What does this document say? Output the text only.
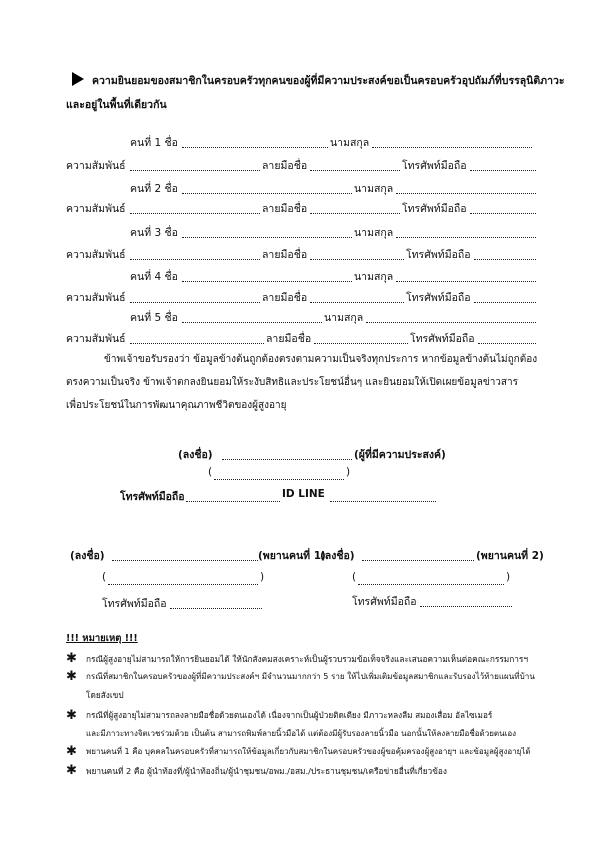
ความยินยอมของสมาชิกในครอบครัวทุกคนของผู้ที่มีความประสงค์ขอเป็นครอบครัวอุปถัมภ์ที่บรรลุนิติภาวะ
และอยู่ในพื้นที่เดียวกัน
คนที่ 1 ชื่อ	นามสกุล
ความสัมพันธ์	ลายมือชื่อ	โทรศัพท์มือถือ
คนที่ 2 ชื่อ	นามสกุล
ความสัมพันธ์	ลายมือชื่อ	โทรศัพท์มือถือ
คนที่ 3 ชื่อ	นามสกุล
ความสัมพันธ์	ลายมือชื่อ	โทรศัพท์มือถือ
คนที่ 4 ชื่อ	นามสกุล
ความสัมพันธ์	ลายมือชื่อ	โทรศัพท์มือถือ
คนที่ 5 ชื่อ	นามสกุล
ความสัมพันธ์	ลายมือชื่อ	โทรศัพท์มือถือ
ข้าพเจ้าขอรับรองว่า ข้อมูลข้างต้นถูกต้องตรงตามความเป็นจริงทุกประการ หากข้อมูลข้างต้นไม่ถูกต้อง
ตรงความเป็นจริง ข้าพเจ้าตกลงยินยอมให้ระงับสิทธิและประโยชน์อื่นๆ และยินยอมให้เปิดเผยข้อมูลข่าวสาร
เพื่อประโยชน์ในการพัฒนาคุณภาพชีวิตของผู้สูงอายุ
(ลงชื่อ)	(ผู้ที่มีความประสงค์)
(	)
โทรศัพท์มือถือ	ID LINE
(ลงชื่อ)	(พยานคนที่ 1)
(ลงชื่อ)	(พยานคนที่ 2)
(	)	(	)
โทรศัพท์มือถือ	โทรศัพท์มือถือ
!!! หมายเหตุ !!!
✱ กรณีผู้สูงอายุไม่สามารถให้การยินยอมได้ ให้นักสังคมสงเคราะห์เป็นผู้รวบรวมข้อเท็จจริงและเสนอความเห็นต่อคณะกรรมการฯ
✱ กรณีที่สมาชิกในครอบครัวของผู้ที่มีความประสงค์ฯ มีจำนวนมากกว่า 5 ราย ให้ไปเพิ่มเติมข้อมูลสมาชิกและรับรองไว้ท้ายแผนที่บ้าน
โดยสังเขป
✱ กรณีที่ผู้สูงอายุไม่สามารถลงลายมือชื่อด้วยตนเองได้ เนื่องจากเป็นผู้ป่วยติดเตียง มีภาวะหลงลืม สมองเสื่อม อัลไซเมอร์
และมีภาวะทางจิตเวชร่วมด้วย เป็นต้น สามารถพิมพ์ลายนิ้วมือได้ แต่ต้องมีผู้รับรองลายนิ้วมือ นอกนั้นให้ลงลายมือชื่อด้วยตนเอง
✱ พยานคนที่ 1 คือ บุคคลในครอบครัวที่สามารถให้ข้อมูลเกี่ยวกับสมาชิกในครอบครัวของผู้ขอคุ้มครองผู้สูงอายุฯ และข้อมูลผู้สูงอายุได้
✱ พยานคนที่ 2 คือ ผู้นำท้องที่/ผู้นำท้องถิ่น/ผู้นำชุมชน/อพม./อสม./ประธานชุมชน/เครือข่ายอื่นที่เกี่ยวข้อง
